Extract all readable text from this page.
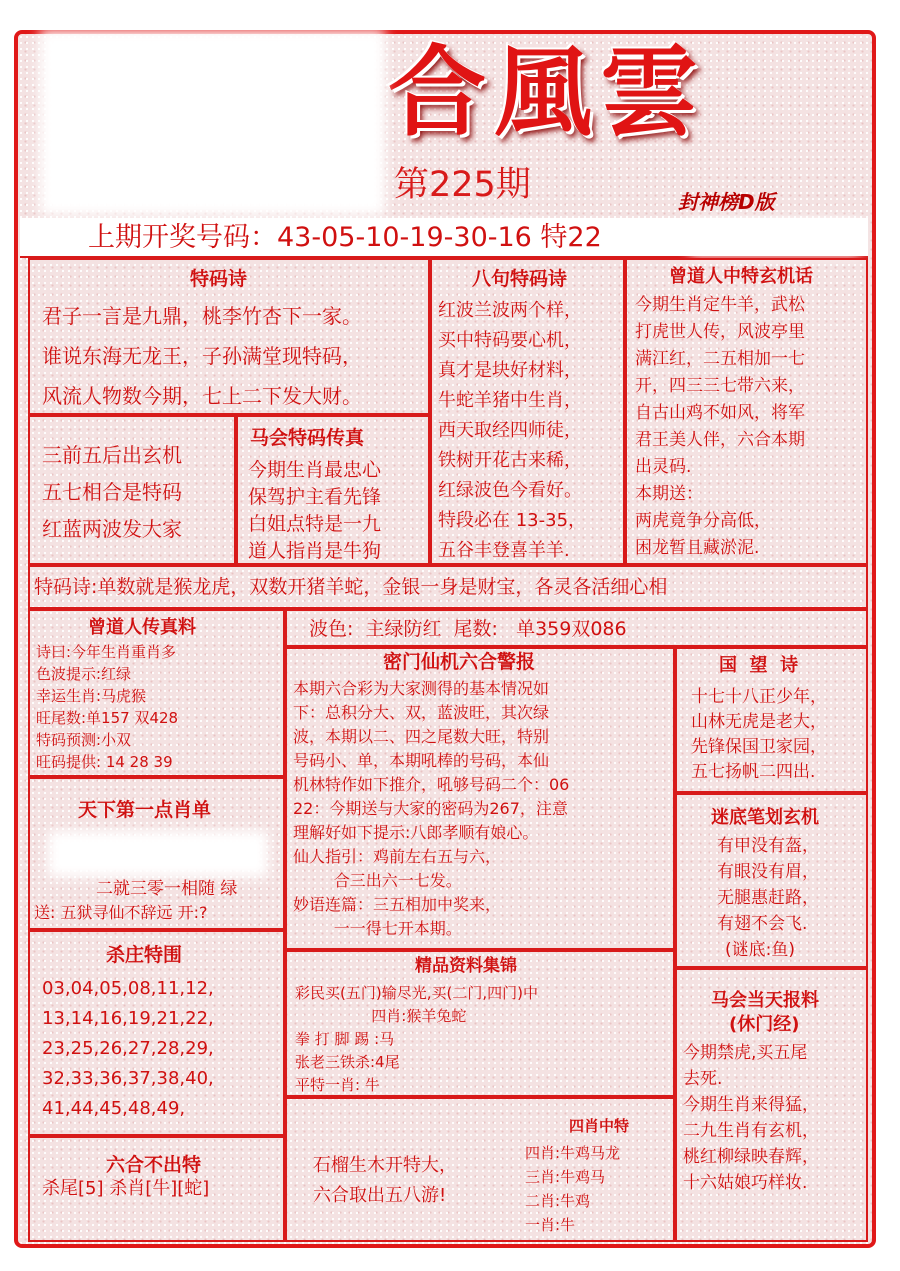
合風雲
第225期	封神榜D版
上期开奖号码：43-05-10-19-30-16 特22
特码诗
君子一言是九鼎，桃李竹杏下一家。
谁说东海无龙王，子孙满堂现特码，
风流人物数今期，七上二下发大财。
三前五后出玄机
五七相合是特码
红蓝两波发大家
马会特码传真
今期生肖最忠心
保驾护主看先锋
白姐点特是一九
道人指肖是牛狗
八句特码诗
红波兰波两个样，
买中特码要心机，
真才是块好材料，
牛蛇羊猪中生肖，
西天取经四师徒，
铁树开花古来稀，
红绿波色今看好。
特段必在 13-35，
五谷丰登喜羊羊.
曾道人中特玄机话
今期生肖定牛羊，武松
打虎世人传，风波亭里
满江红，二五相加一七
开，四三三七带六来，
自古山鸡不如风，将军
君王美人伴，六合本期
出灵码.
本期送：
两虎竟争分高低，
困龙暂且藏淤泥.
特码诗:单数就是猴龙虎，双数开猪羊蛇，金银一身是财宝，各灵各活细心相
曾道人传真料
诗曰:今年生肖重肖多
色波提示:红绿
幸运生肖:马虎猴
旺尾数:单157 双428
特码预测:小双
旺码提供: 14 28 39
天下第一点肖单
二就三零一相随 绿
送: 五狱寻仙不辞远 开:?
杀庄特围
03,04,05,08,11,12,
13,14,16,19,21,22,
23,25,26,27,28,29,
32,33,36,37,38,40,
41,44,45,48,49,
六合不出特
杀尾[5] 杀肖[牛][蛇]
波色:  主绿防红  尾数:   单359双086
密门仙机六合警报
本期六合彩为大家测得的基本情况如
下：总积分大、双，蓝波旺，其次绿
波，本期以二、四之尾数大旺，特别
号码小、单，本期吼棒的号码，本仙
机林特作如下推介，吼够号码二个：06
22：今期送与大家的密码为267，注意
理解好如下提示:八郎孝顺有娘心。
仙人指引：鸡前左右五与六，
合三出六一七发。
妙语连篇：三五相加中奖来，
一一得七开本期。
精品资料集锦
彩民买(五门)输尽光,买(二门,四门)中
四肖:猴羊兔蛇
拳 打 脚 踢 :马
张老三铁杀:4尾
平特一肖: 牛
石榴生木开特大，
六合取出五八游!
四肖中特
四肖:牛鸡马龙
三肖:牛鸡马
二肖:牛鸡
一肖:牛
国  望  诗
十七十八正少年，
山林无虎是老大，
先锋保国卫家园，
五七扬帆二四出.
迷底笔划玄机
有甲没有盔，
有眼没有眉，
无腿惠赶路，
有翅不会飞.
(谜底:鱼)
马会当天报料
(休门经)
今期禁虎,买五尾
去死.
今期生肖来得猛，
二九生肖有玄机，
桃红柳绿映春辉，
十六姑娘巧样妆.
